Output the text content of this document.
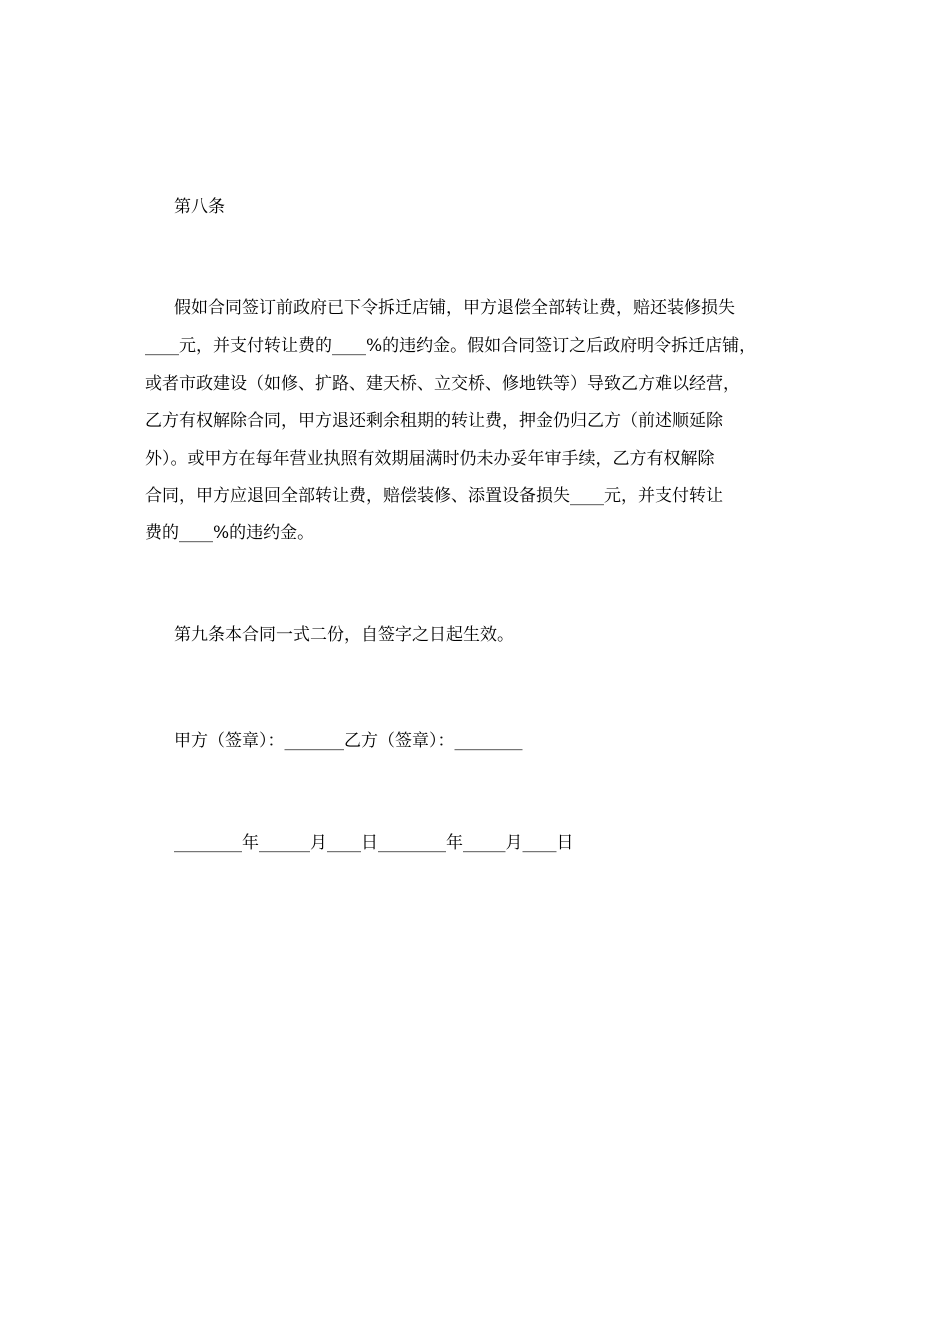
第八条
假如合同签订前政府已下令拆迁店铺，甲方退偿全部转让费，赔还装修损失
____元，并支付转让费的____%的违约金。假如合同签订之后政府明令拆迁店铺，
或者市政建设（如修、扩路、建天桥、立交桥、修地铁等）导致乙方难以经营，
乙方有权解除合同，甲方退还剩余租期的转让费，押金仍归乙方（前述顺延除
外）。或甲方在每年营业执照有效期届满时仍未办妥年审手续，乙方有权解除
合同，甲方应退回全部转让费，赔偿装修、添置设备损失____元，并支付转让
费的____%的违约金。
第九条本合同一式二份，自签字之日起生效。
甲方（签章）：_______乙方（签章）：________
________年______月____日________年_____月____日
